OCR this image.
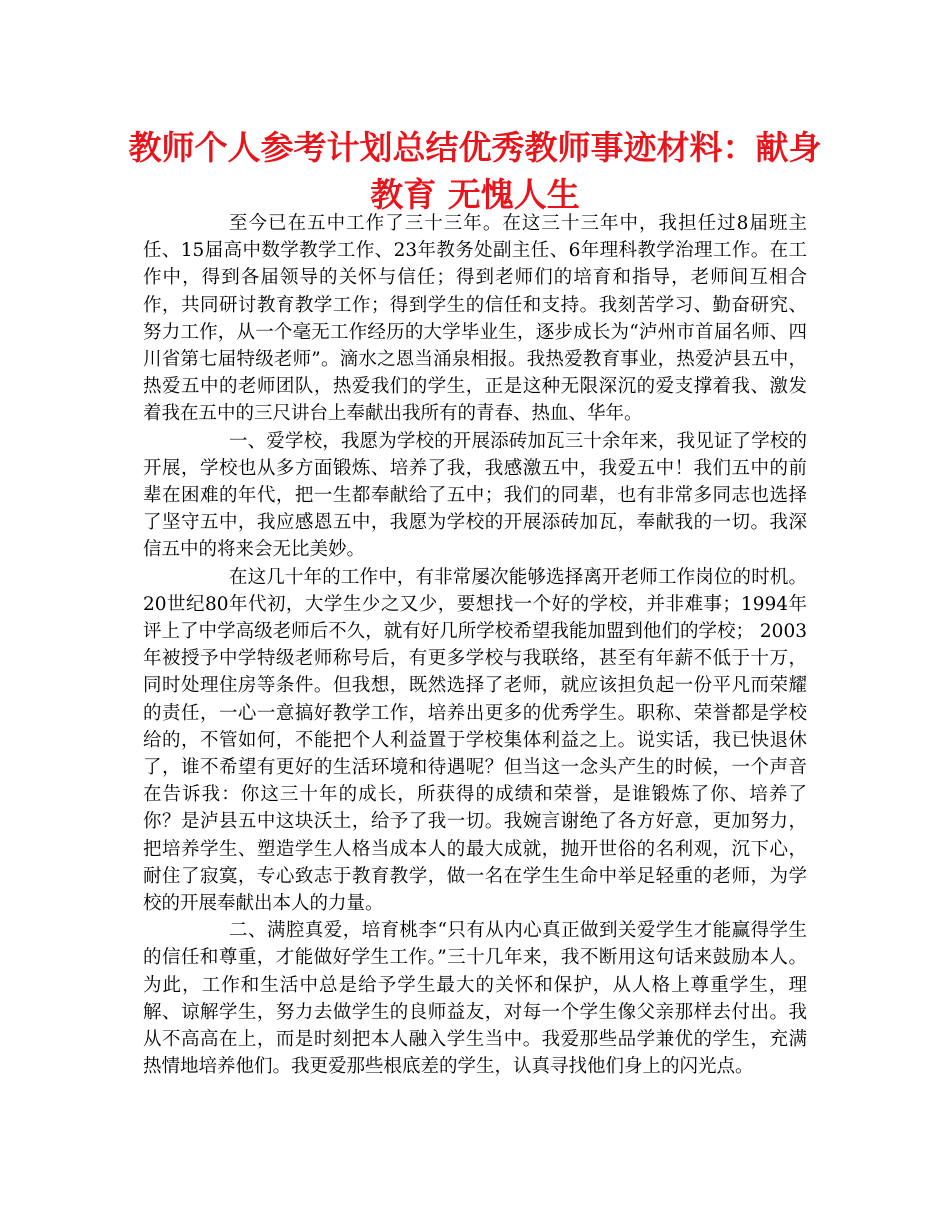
教师个人参考计划总结优秀教师事迹材料：献身教育 无愧人生

至今已在五中工作了三十三年。在这三十三年中，我担任过8届班主任、15届高中数学教学工作、23年教务处副主任、6年理科教学治理工作。在工作中，得到各届领导的关怀与信任；得到老师们的培育和指导，老师间互相合作，共同研讨教育教学工作；得到学生的信任和支持。我刻苦学习、勤奋研究、努力工作，从一个毫无工作经历的大学毕业生，逐步成长为“泸州市首届名师、四川省第七届特级老师”。滴水之恩当涌泉相报。我热爱教育事业，热爱泸县五中，热爱五中的老师团队，热爱我们的学生，正是这种无限深沉的爱支撑着我、激发着我在五中的三尺讲台上奉献出我所有的青春、热血、华年。

一、爱学校，我愿为学校的开展添砖加瓦三十余年来，我见证了学校的开展，学校也从多方面锻炼、培养了我，我感激五中，我爱五中！我们五中的前辈在困难的年代，把一生都奉献给了五中；我们的同辈，也有非常多同志也选择了坚守五中，我应感恩五中，我愿为学校的开展添砖加瓦，奉献我的一切。我深信五中的将来会无比美妙。

在这几十年的工作中，有非常屡次能够选择离开老师工作岗位的时机。20世纪80年代初，大学生少之又少，要想找一个好的学校，并非难事；1994年评上了中学高级老师后不久，就有好几所学校希望我能加盟到他们的学校； 2003年被授予中学特级老师称号后，有更多学校与我联络，甚至有年薪不低于十万，同时处理住房等条件。但我想，既然选择了老师，就应该担负起一份平凡而荣耀的责任，一心一意搞好教学工作，培养出更多的优秀学生。职称、荣誉都是学校给的，不管如何，不能把个人利益置于学校集体利益之上。说实话，我已快退休了，谁不希望有更好的生活环境和待遇呢？但当这一念头产生的时候，一个声音在告诉我：你这三十年的成长，所获得的成绩和荣誉，是谁锻炼了你、培养了你？是泸县五中这块沃土，给予了我一切。我婉言谢绝了各方好意，更加努力，把培养学生、塑造学生人格当成本人的最大成就，抛开世俗的名利观，沉下心，耐住了寂寞，专心致志于教育教学，做一名在学生生命中举足轻重的老师，为学校的开展奉献出本人的力量。

二、满腔真爱，培育桃李“只有从内心真正做到关爱学生才能赢得学生的信任和尊重，才能做好学生工作。”三十几年来，我不断用这句话来鼓励本人。为此，工作和生活中总是给予学生最大的关怀和保护，从人格上尊重学生，理解、谅解学生，努力去做学生的良师益友，对每一个学生像父亲那样去付出。我从不高高在上，而是时刻把本人融入学生当中。我爱那些品学兼优的学生，充满热情地培养他们。我更爱那些根底差的学生，认真寻找他们身上的闪光点。
